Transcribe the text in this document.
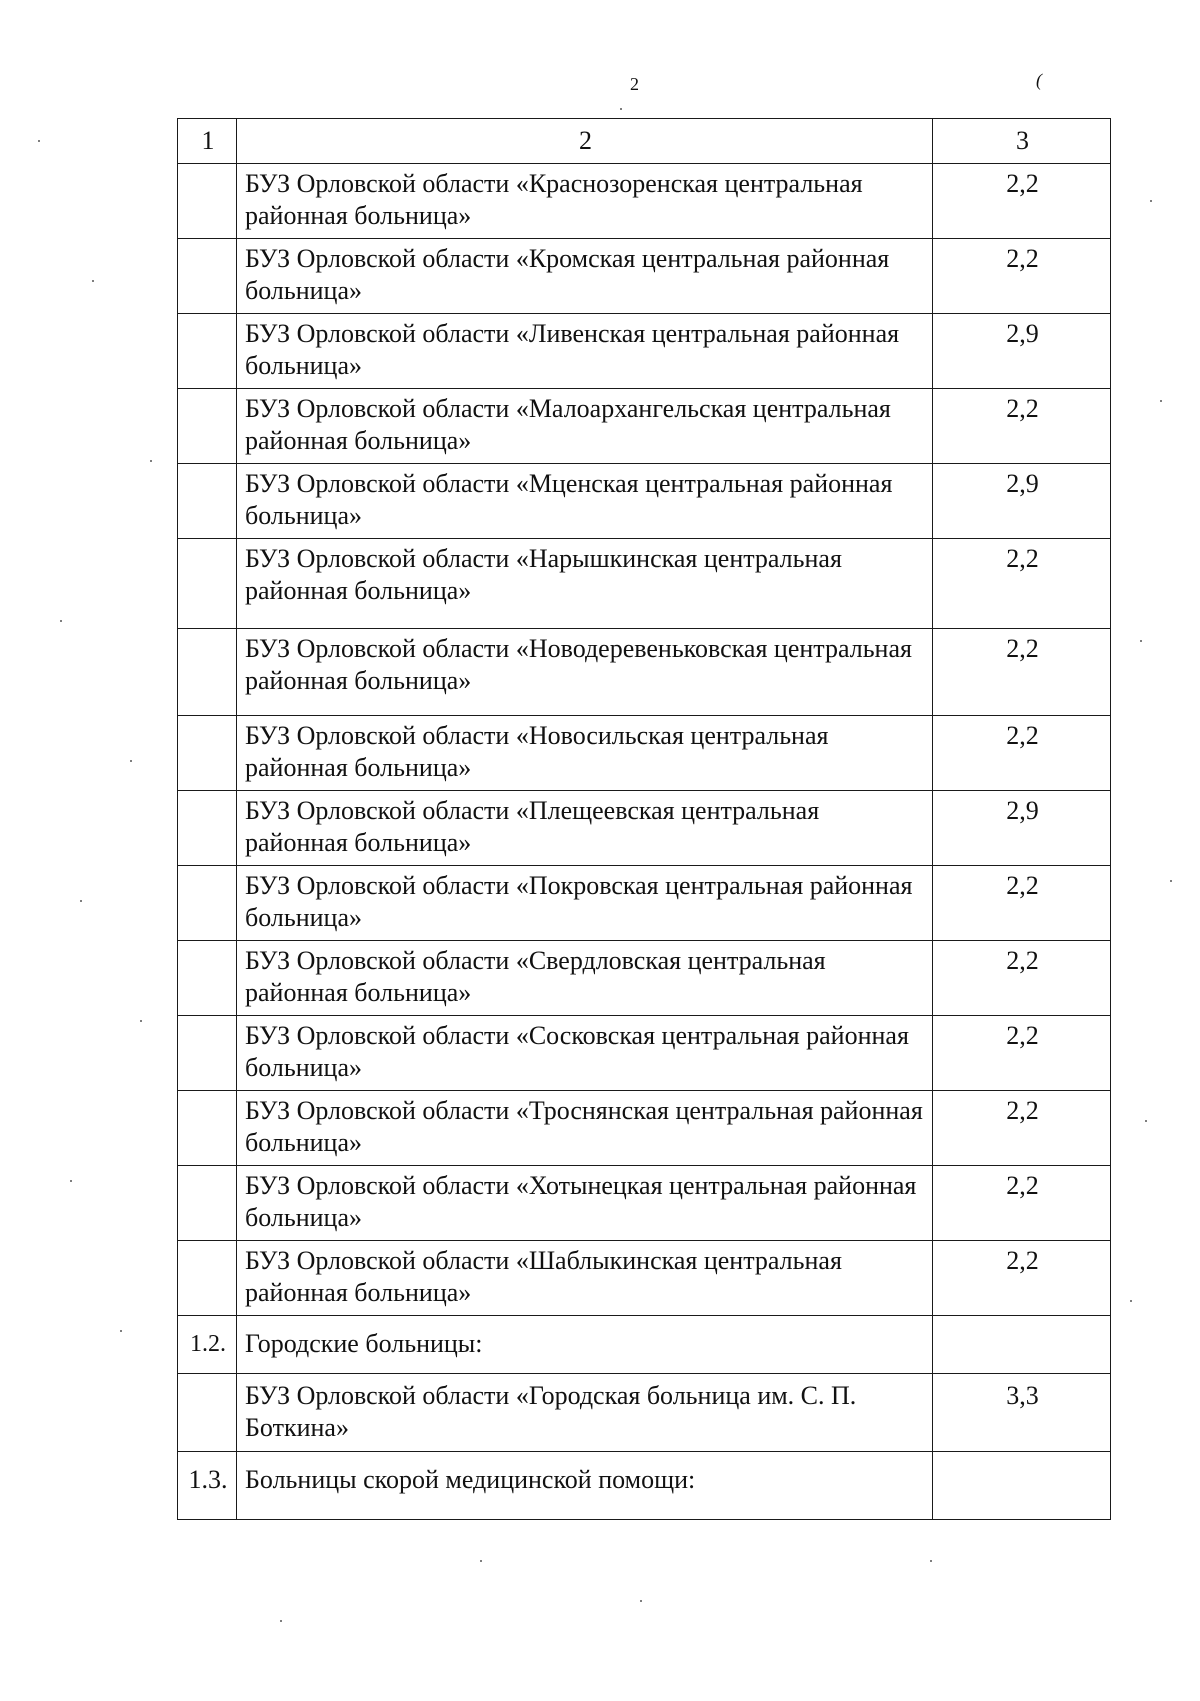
2	(
1	2	3
	БУЗ Орловской области «Краснозоренская центральная районная больница»	2,2
	БУЗ Орловской области «Кромская центральная районная больница»	2,2
	БУЗ Орловской области «Ливенская центральная районная больница»	2,9
	БУЗ Орловской области «Малоархангельская центральная районная больница»	2,2
	БУЗ Орловской области «Мценская центральная районная больница»	2,9
	БУЗ Орловской области «Нарышкинская центральная районная больница»	2,2
	БУЗ Орловской области «Новодеревеньковская центральная районная больница»	2,2
	БУЗ Орловской области «Новосильская центральная районная больница»	2,2
	БУЗ Орловской области «Плещеевская центральная районная больница»	2,9
	БУЗ Орловской области «Покровская центральная районная больница»	2,2
	БУЗ Орловской области «Свердловская центральная районная больница»	2,2
	БУЗ Орловской области «Сосковская центральная районная больница»	2,2
	БУЗ Орловской области «Троснянская центральная районная больница»	2,2
	БУЗ Орловской области «Хотынецкая центральная районная больница»	2,2
	БУЗ Орловской области «Шаблыкинская центральная районная больница»	2,2
1.2.	Городские больницы:	
	БУЗ Орловской области «Городская больница им. С. П. Боткина»	3,3
1.3.	Больницы скорой медицинской помощи:	
